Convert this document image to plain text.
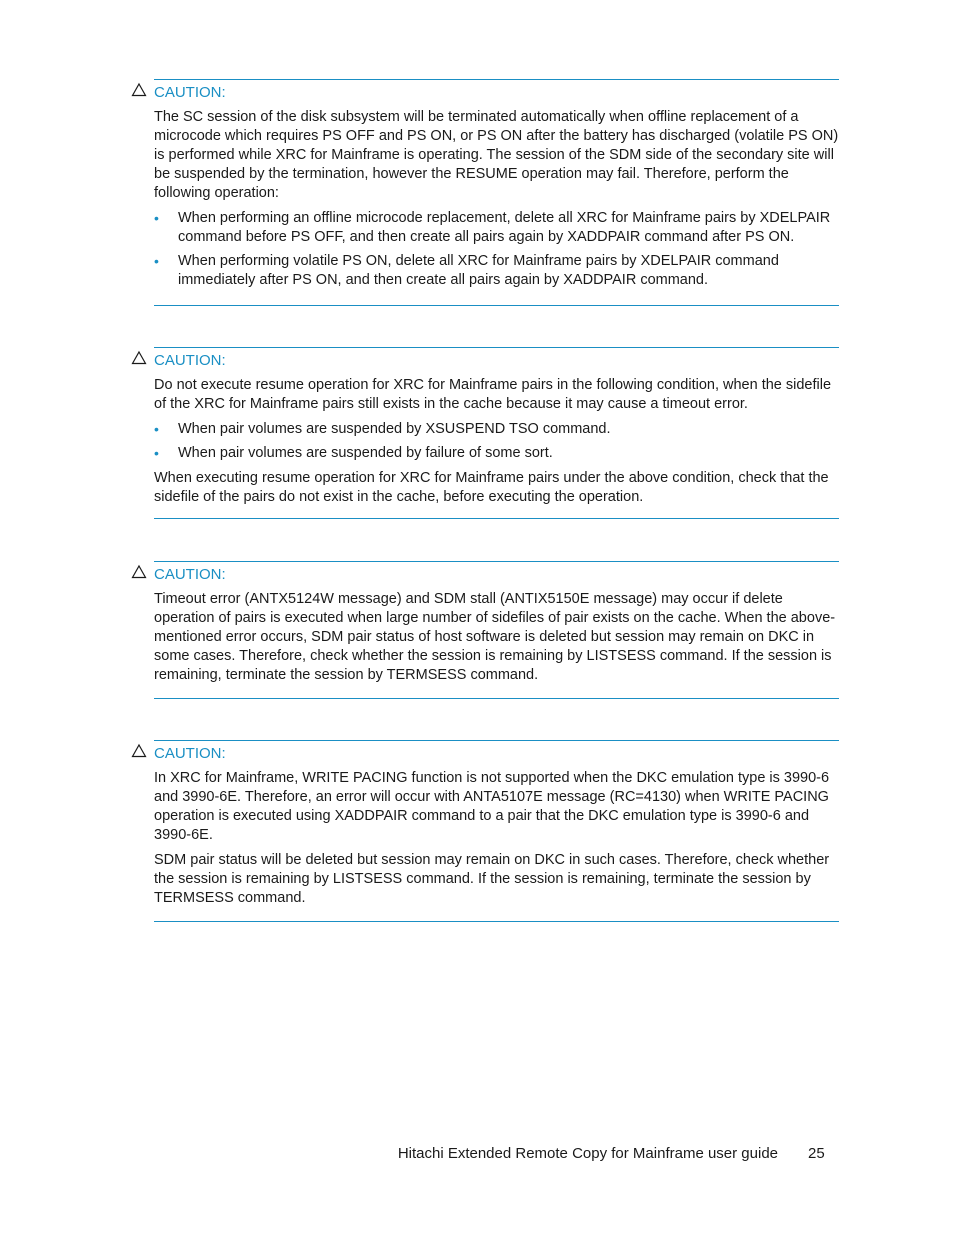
CAUTION:

The SC session of the disk subsystem will be terminated automatically when offline replacement of a microcode which requires PS OFF and PS ON, or PS ON after the battery has discharged (volatile PS ON) is performed while XRC for Mainframe is operating. The session of the SDM side of the secondary site will be suspended by the termination, however the RESUME operation may fail. Therefore, perform the following operation:

• When performing an offline microcode replacement, delete all XRC for Mainframe pairs by XDELPAIR command before PS OFF, and then create all pairs again by XADDPAIR command after PS ON.
• When performing volatile PS ON, delete all XRC for Mainframe pairs by XDELPAIR command immediately after PS ON, and then create all pairs again by XADDPAIR command.
CAUTION:

Do not execute resume operation for XRC for Mainframe pairs in the following condition, when the sidefile of the XRC for Mainframe pairs still exists in the cache because it may cause a timeout error.

• When pair volumes are suspended by XSUSPEND TSO command.
• When pair volumes are suspended by failure of some sort.

When executing resume operation for XRC for Mainframe pairs under the above condition, check that the sidefile of the pairs do not exist in the cache, before executing the operation.

CAUTION:

Timeout error (ANTX5124W message) and SDM stall (ANTIX5150E message) may occur if delete operation of pairs is executed when large number of sidefiles of pair exists on the cache. When the above-mentioned error occurs, SDM pair status of host software is deleted but session may remain on DKC in some cases. Therefore, check whether the session is remaining by LISTSESS command. If the session is remaining, terminate the session by TERMSESS command.

CAUTION:

In XRC for Mainframe, WRITE PACING function is not supported when the DKC emulation type is 3990-6 and 3990-6E. Therefore, an error will occur with ANTA5107E message (RC=4130) when WRITE PACING operation is executed using XADDPAIR command to a pair that the DKC emulation type is 3990-6 and 3990-6E.

SDM pair status will be deleted but session may remain on DKC in such cases. Therefore, check whether the session is remaining by LISTSESS command. If the session is remaining, terminate the session by TERMSESS command.

Hitachi Extended Remote Copy for Mainframe user guide 25
